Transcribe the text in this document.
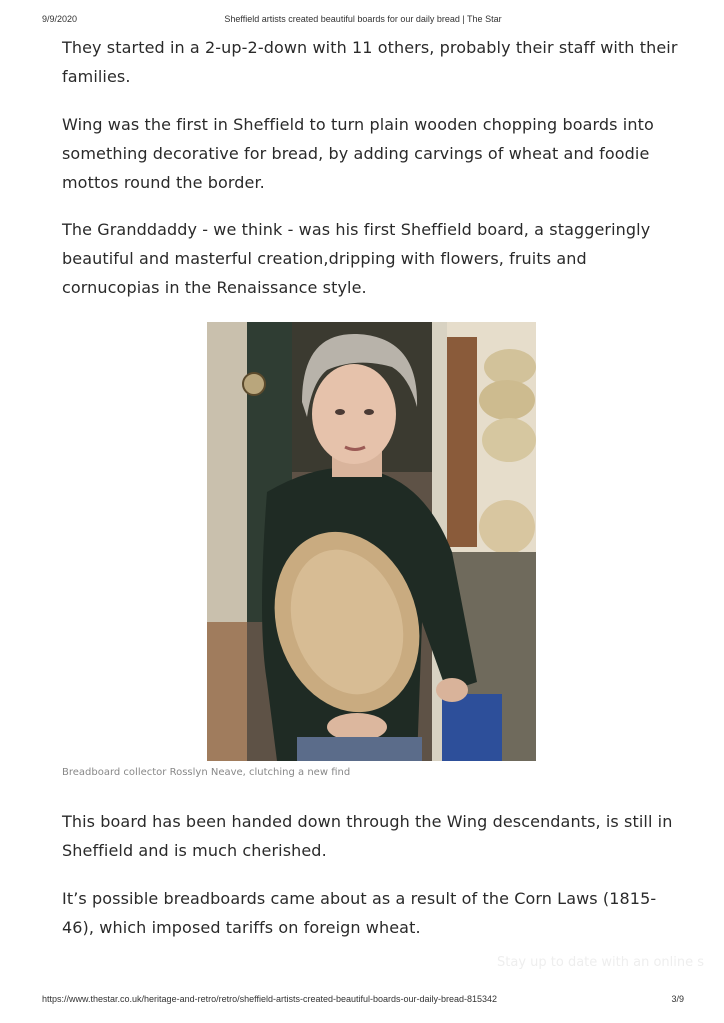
9/9/2020	Sheffield artists created beautiful boards for our daily bread | The Star

They started in a 2-up-2-down with 11 others, probably their staff with their families.

Wing was the first in Sheffield to turn plain wooden chopping boards into something decorative for bread, by adding carvings of wheat and foodie mottos round the border.

The Granddaddy - we think - was his first Sheffield board, a staggeringly beautiful and masterful creation,dripping with flowers, fruits and cornucopias in the Renaissance style.

Breadboard collector Rosslyn Neave, clutching a new find

This board has been handed down through the Wing descendants, is still in Sheffield and is much cherished.

It’s possible breadboards came about as a result of the Corn Laws (1815-46), which imposed tariffs on foreign wheat.

Stay up to date with an online s
https://www.thestar.co.uk/heritage-and-retro/retro/sheffield-artists-created-beautiful-boards-our-daily-bread-815342	3/9
